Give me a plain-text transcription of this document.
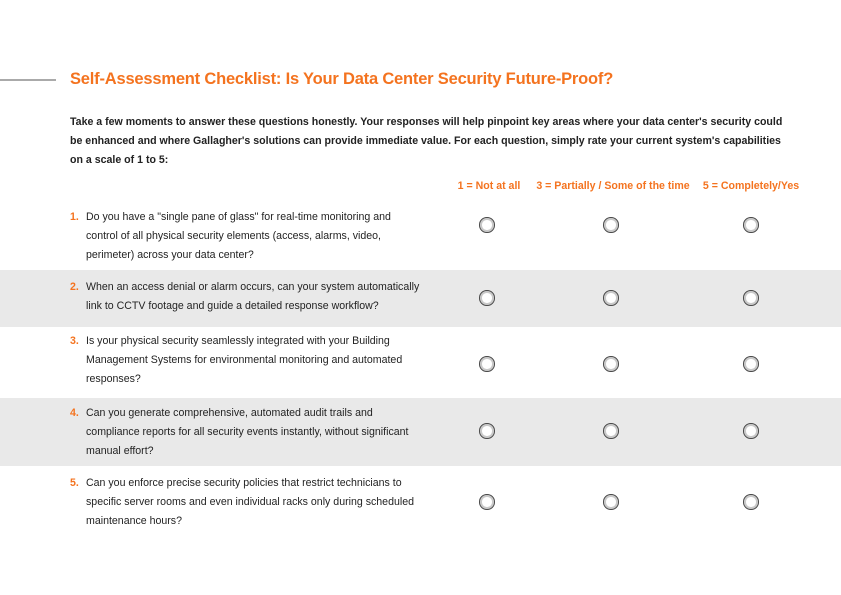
Self-Assessment Checklist: Is Your Data Center Security Future-Proof?

Take a few moments to answer these questions honestly. Your responses will help pinpoint key areas where your data center's security could be enhanced and where Gallagher's solutions can provide immediate value. For each question, simply rate your current system's capabilities on a scale of 1 to 5:

1 = Not at all	3 = Partially / Some of the time	5 = Completely/Yes
1. Do you have a "single pane of glass" for real-time monitoring and control of all physical security elements (access, alarms, video, perimeter) across your data center?
2. When an access denial or alarm occurs, can your system automatically link to CCTV footage and guide a detailed response workflow?
3. Is your physical security seamlessly integrated with your Building Management Systems for environmental monitoring and automated responses?
4. Can you generate comprehensive, automated audit trails and compliance reports for all security events instantly, without significant manual effort?
5. Can you enforce precise security policies that restrict technicians to specific server rooms and even individual racks only during scheduled maintenance hours?
